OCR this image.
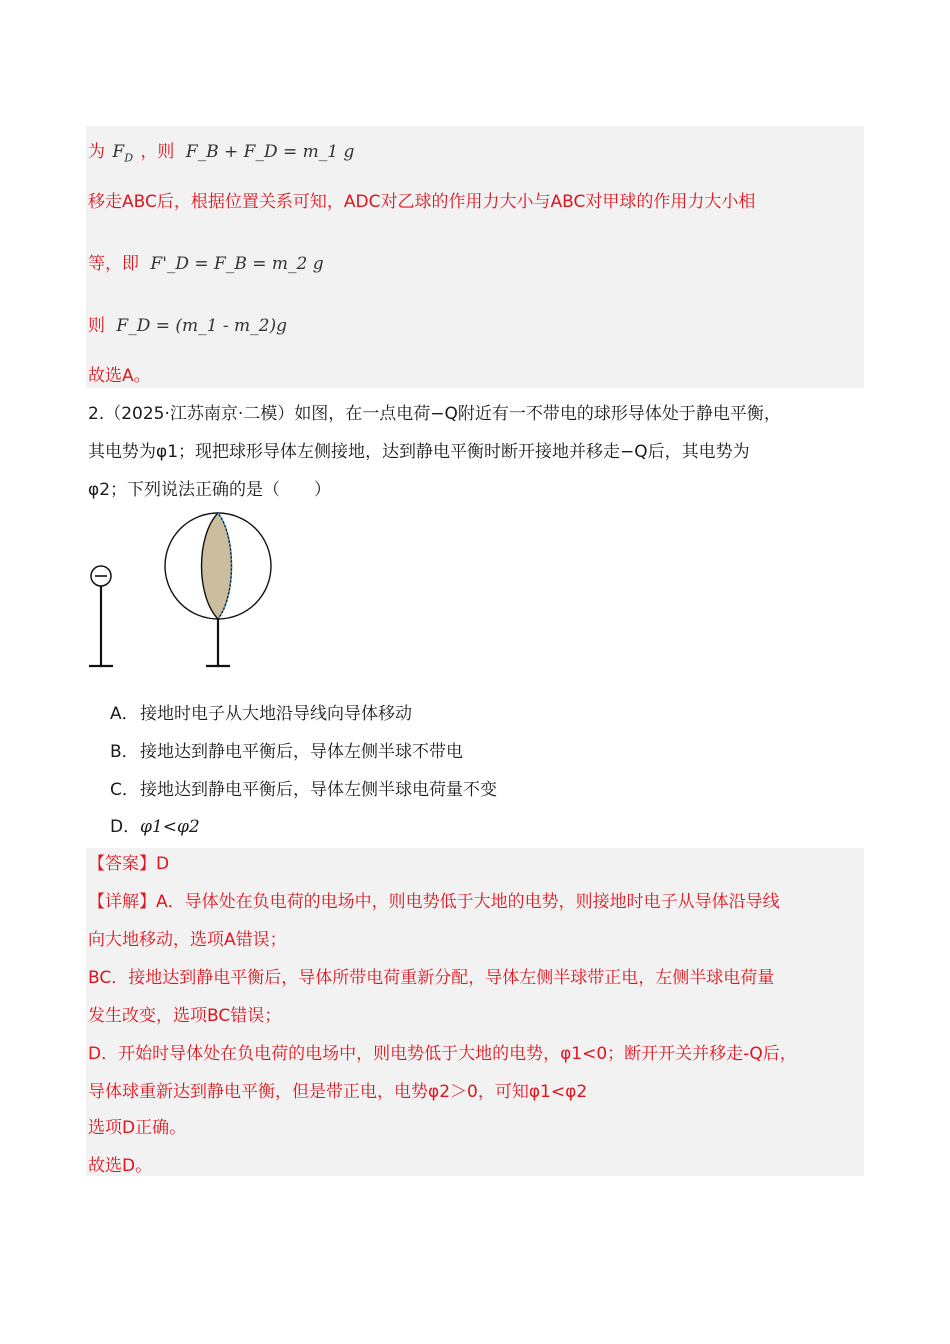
为 $F_D$ ，则 F_B + F_D = m_1 g
移走ABC后，根据位置关系可知，ADC对乙球的作用力大小与ABC对甲球的作用力大小相
等，即 F'_D = F_B = m_2 g
则 F_D = (m_1 - m_2)g
故选A。
2.（2025·江苏南京·二模）如图，在一点电荷−Q附近有一不带电的球形导体处于静电平衡，
其电势为φ1；现把球形导体左侧接地，达到静电平衡时断开接地并移走−Q后，其电势为
φ2；下列说法正确的是（　　）
A．接地时电子从大地沿导线向导体移动
B．接地达到静电平衡后，导体左侧半球不带电
C．接地达到静电平衡后，导体左侧半球电荷量不变
D．φ1<φ2
【答案】D
【详解】A．导体处在负电荷的电场中，则电势低于大地的电势，则接地时电子从导体沿导线
向大地移动，选项A错误；
BC．接地达到静电平衡后，导体所带电荷重新分配，导体左侧半球带正电，左侧半球电荷量
发生改变，选项BC错误；
D．开始时导体处在负电荷的电场中，则电势低于大地的电势，φ1<0；断开开关并移走-Q后，
导体球重新达到静电平衡，但是带正电，电势φ2＞0，可知φ1<φ2
选项D正确。
故选D。
